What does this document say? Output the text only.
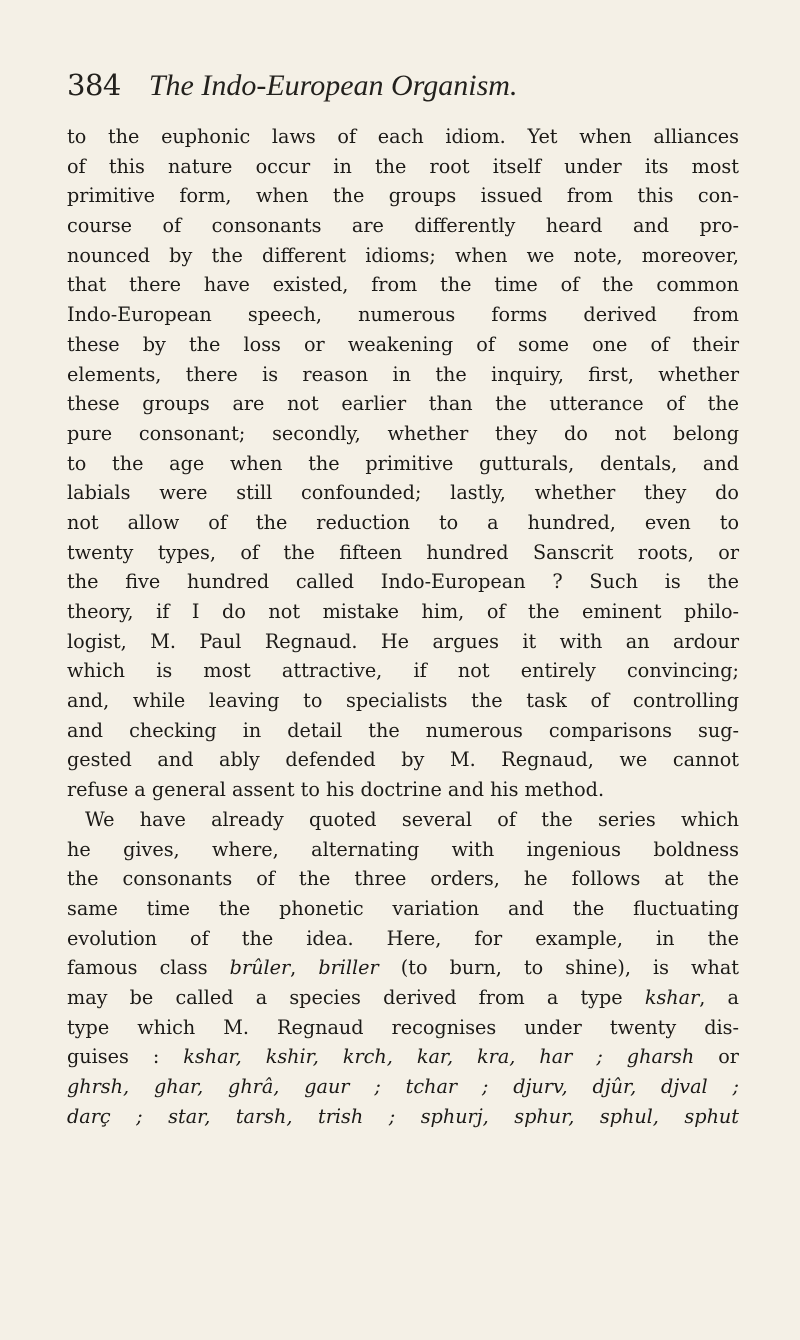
384 The Indo-European Organism.
to the euphonic laws of each idiom. Yet when alliances
of this nature occur in the root itself under its most
primitive form, when the groups issued from this con-
course of consonants are differently heard and pro-
nounced by the different idioms; when we note, moreover,
that there have existed, from the time of the common
Indo-European speech, numerous forms derived from
these by the loss or weakening of some one of their
elements, there is reason in the inquiry, first, whether
these groups are not earlier than the utterance of the
pure consonant; secondly, whether they do not belong
to the age when the primitive gutturals, dentals, and
labials were still confounded; lastly, whether they do
not allow of the reduction to a hundred, even to
twenty types, of the fifteen hundred Sanscrit roots, or
the five hundred called Indo-European ? Such is the
theory, if I do not mistake him, of the eminent philo-
logist, M. Paul Regnaud. He argues it with an ardour
which is most attractive, if not entirely convincing;
and, while leaving to specialists the task of controlling
and checking in detail the numerous comparisons sug-
gested and ably defended by M. Regnaud, we cannot
refuse a general assent to his doctrine and his method.
We have already quoted several of the series which
he gives, where, alternating with ingenious boldness
the consonants of the three orders, he follows at the
same time the phonetic variation and the fluctuating
evolution of the idea. Here, for example, in the
famous class brûler, briller (to burn, to shine), is what
may be called a species derived from a type kshar, a
type which M. Regnaud recognises under twenty dis-
guises : kshar, kshir, krch, kar, kra, har ; gharsh or
ghrsh, ghar, ghrâ, gaur ; tchar ; djurv, djûr, djval ;
darç ; star, tarsh, trish ; sphurj, sphur, sphul, sphut
